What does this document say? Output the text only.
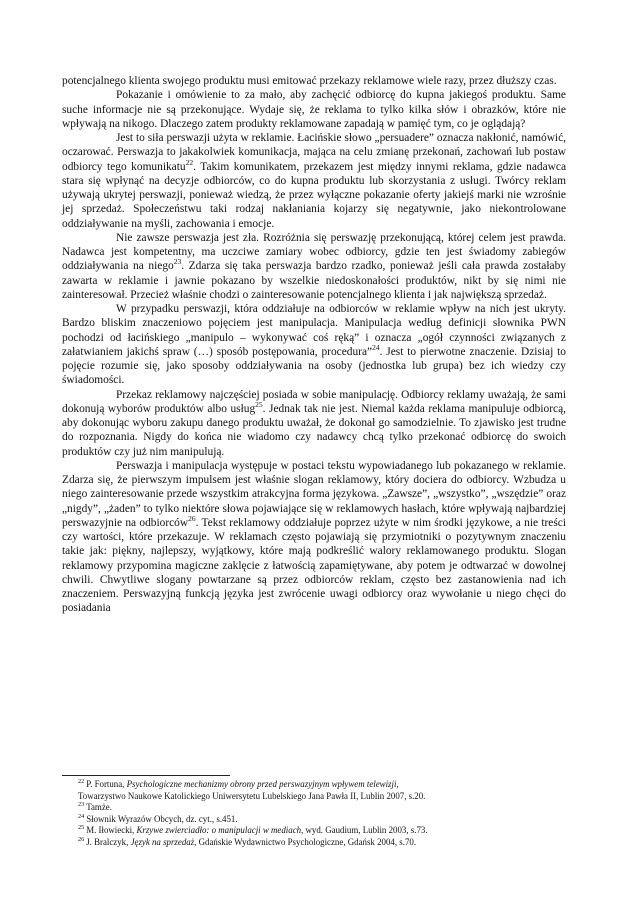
potencjalnego klienta swojego produktu musi emitować przekazy reklamowe wiele razy, przez dłuższy czas.

Pokazanie i omówienie to za mało, aby zachęcić odbiorcę do kupna jakiegoś produktu. Same suche informacje nie są przekonujące. Wydaje się, że reklama to tylko kilka słów i obrazków, które nie wpływają na nikogo. Dlaczego zatem produkty reklamowane zapadają w pamięć tym, co je oglądają?

Jest to siła perswazji użyta w reklamie. Łacińskie słowo „persuadere” oznacza nakłonić, namówić, oczarować. Perswazja to jakakolwiek komunikacja, mająca na celu zmianę przekonań, zachowań lub postaw odbiorcy tego komunikatu$^{22}$. Takim komunikatem, przekazem jest między innymi reklama, gdzie nadawca stara się wpłynąć na decyzje odbiorców, co do kupna produktu lub skorzystania z usługi. Twórcy reklam używają ukrytej perswazji, ponieważ wiedzą, że przez wyłączne pokazanie oferty jakiejś marki nie wzrośnie jej sprzedaż. Społeczeństwu taki rodzaj nakłaniania kojarzy się negatywnie, jako niekontrolowane oddziaływanie na myśli, zachowania i emocje.

Nie zawsze perswazja jest zła. Rozróżnia się perswazję przekonującą, której celem jest prawda. Nadawca jest kompetentny, ma uczciwe zamiary wobec odbiorcy, gdzie ten jest świadomy zabiegów oddziaływania na niego$^{23}$. Zdarza się taka perswazja bardzo rzadko, ponieważ jeśli cała prawda zostałaby zawarta w reklamie i jawnie pokazano by wszelkie niedoskonałości produktów, nikt by się nimi nie zainteresował. Przecież właśnie chodzi o zainteresowanie potencjalnego klienta i jak największą sprzedaż.

W przypadku perswazji, która oddziałuje na odbiorców w reklamie wpływ na nich jest ukryty. Bardzo bliskim znaczeniowo pojęciem jest manipulacja. Manipulacja według definicji słownika PWN pochodzi od łacińskiego „manipulo – wykonywać coś ręką” i oznacza „ogół czynności związanych z załatwianiem jakichś spraw (…) sposób postępowania, procedura”$^{24}$. Jest to pierwotne znaczenie. Dzisiaj to pojęcie rozumie się, jako sposoby oddziaływania na osoby (jednostka lub grupa) bez ich wiedzy czy świadomości.

Przekaz reklamowy najczęściej posiada w sobie manipulację. Odbiorcy reklamy uważają, że sami dokonują wyborów produktów albo usług$^{25}$. Jednak tak nie jest. Niemal każda reklama manipuluje odbiorcą, aby dokonując wyboru zakupu danego produktu uważał, że dokonał go samodzielnie. To zjawisko jest trudne do rozpoznania. Nigdy do końca nie wiadomo czy nadawcy chcą tylko przekonać odbiorcę do swoich produktów czy już nim manipulują.

Perswazja i manipulacja występuje w postaci tekstu wypowiadanego lub pokazanego w reklamie. Zdarza się, że pierwszym impulsem jest właśnie slogan reklamowy, który dociera do odbiorcy. Wzbudza u niego zainteresowanie przede wszystkim atrakcyjna forma językowa. „Zawsze”, „wszystko”, „wszędzie” oraz „nigdy”, „żaden” to tylko niektóre słowa pojawiające się w reklamowych hasłach, które wpływają najbardziej perswazyjnie na odbiorców$^{26}$. Tekst reklamowy oddziałuje poprzez użyte w nim środki językowe, a nie treści czy wartości, które przekazuje. W reklamach często pojawiają się przymiotniki o pozytywnym znaczeniu takie jak: piękny, najlepszy, wyjątkowy, które mają podkreślić walory reklamowanego produktu. Slogan reklamowy przypomina magiczne zaklęcie z łatwością zapamiętywane, aby potem je odtwarzać w dowolnej chwili. Chwytliwe slogany powtarzane są przez odbiorców reklam, często bez zastanowienia nad ich znaczeniem. Perswazyjną funkcją języka jest zwrócenie uwagi odbiorcy oraz wywołanie u niego chęci do posiadania

$^{22}$ P. Fortuna, Psychologiczne mechanizmy obrony przed perswazyjnym wpływem telewizji,
Towarzystwo Naukowe Katolickiego Uniwersytetu Lubelskiego Jana Pawła II, Lublin 2007, s.20.

$^{23}$ Tamże.

$^{24}$ Słownik Wyrazów Obcych, dz. cyt., s.451.

$^{25}$ M. Iłowiecki, Krzywe zwierciadło: o manipulacji w mediach, wyd. Gaudium, Lublin 2003, s.73.

$^{26}$ J. Bralczyk, Język na sprzedaż, Gdańskie Wydawnictwo Psychologiczne, Gdańsk 2004, s.70.
